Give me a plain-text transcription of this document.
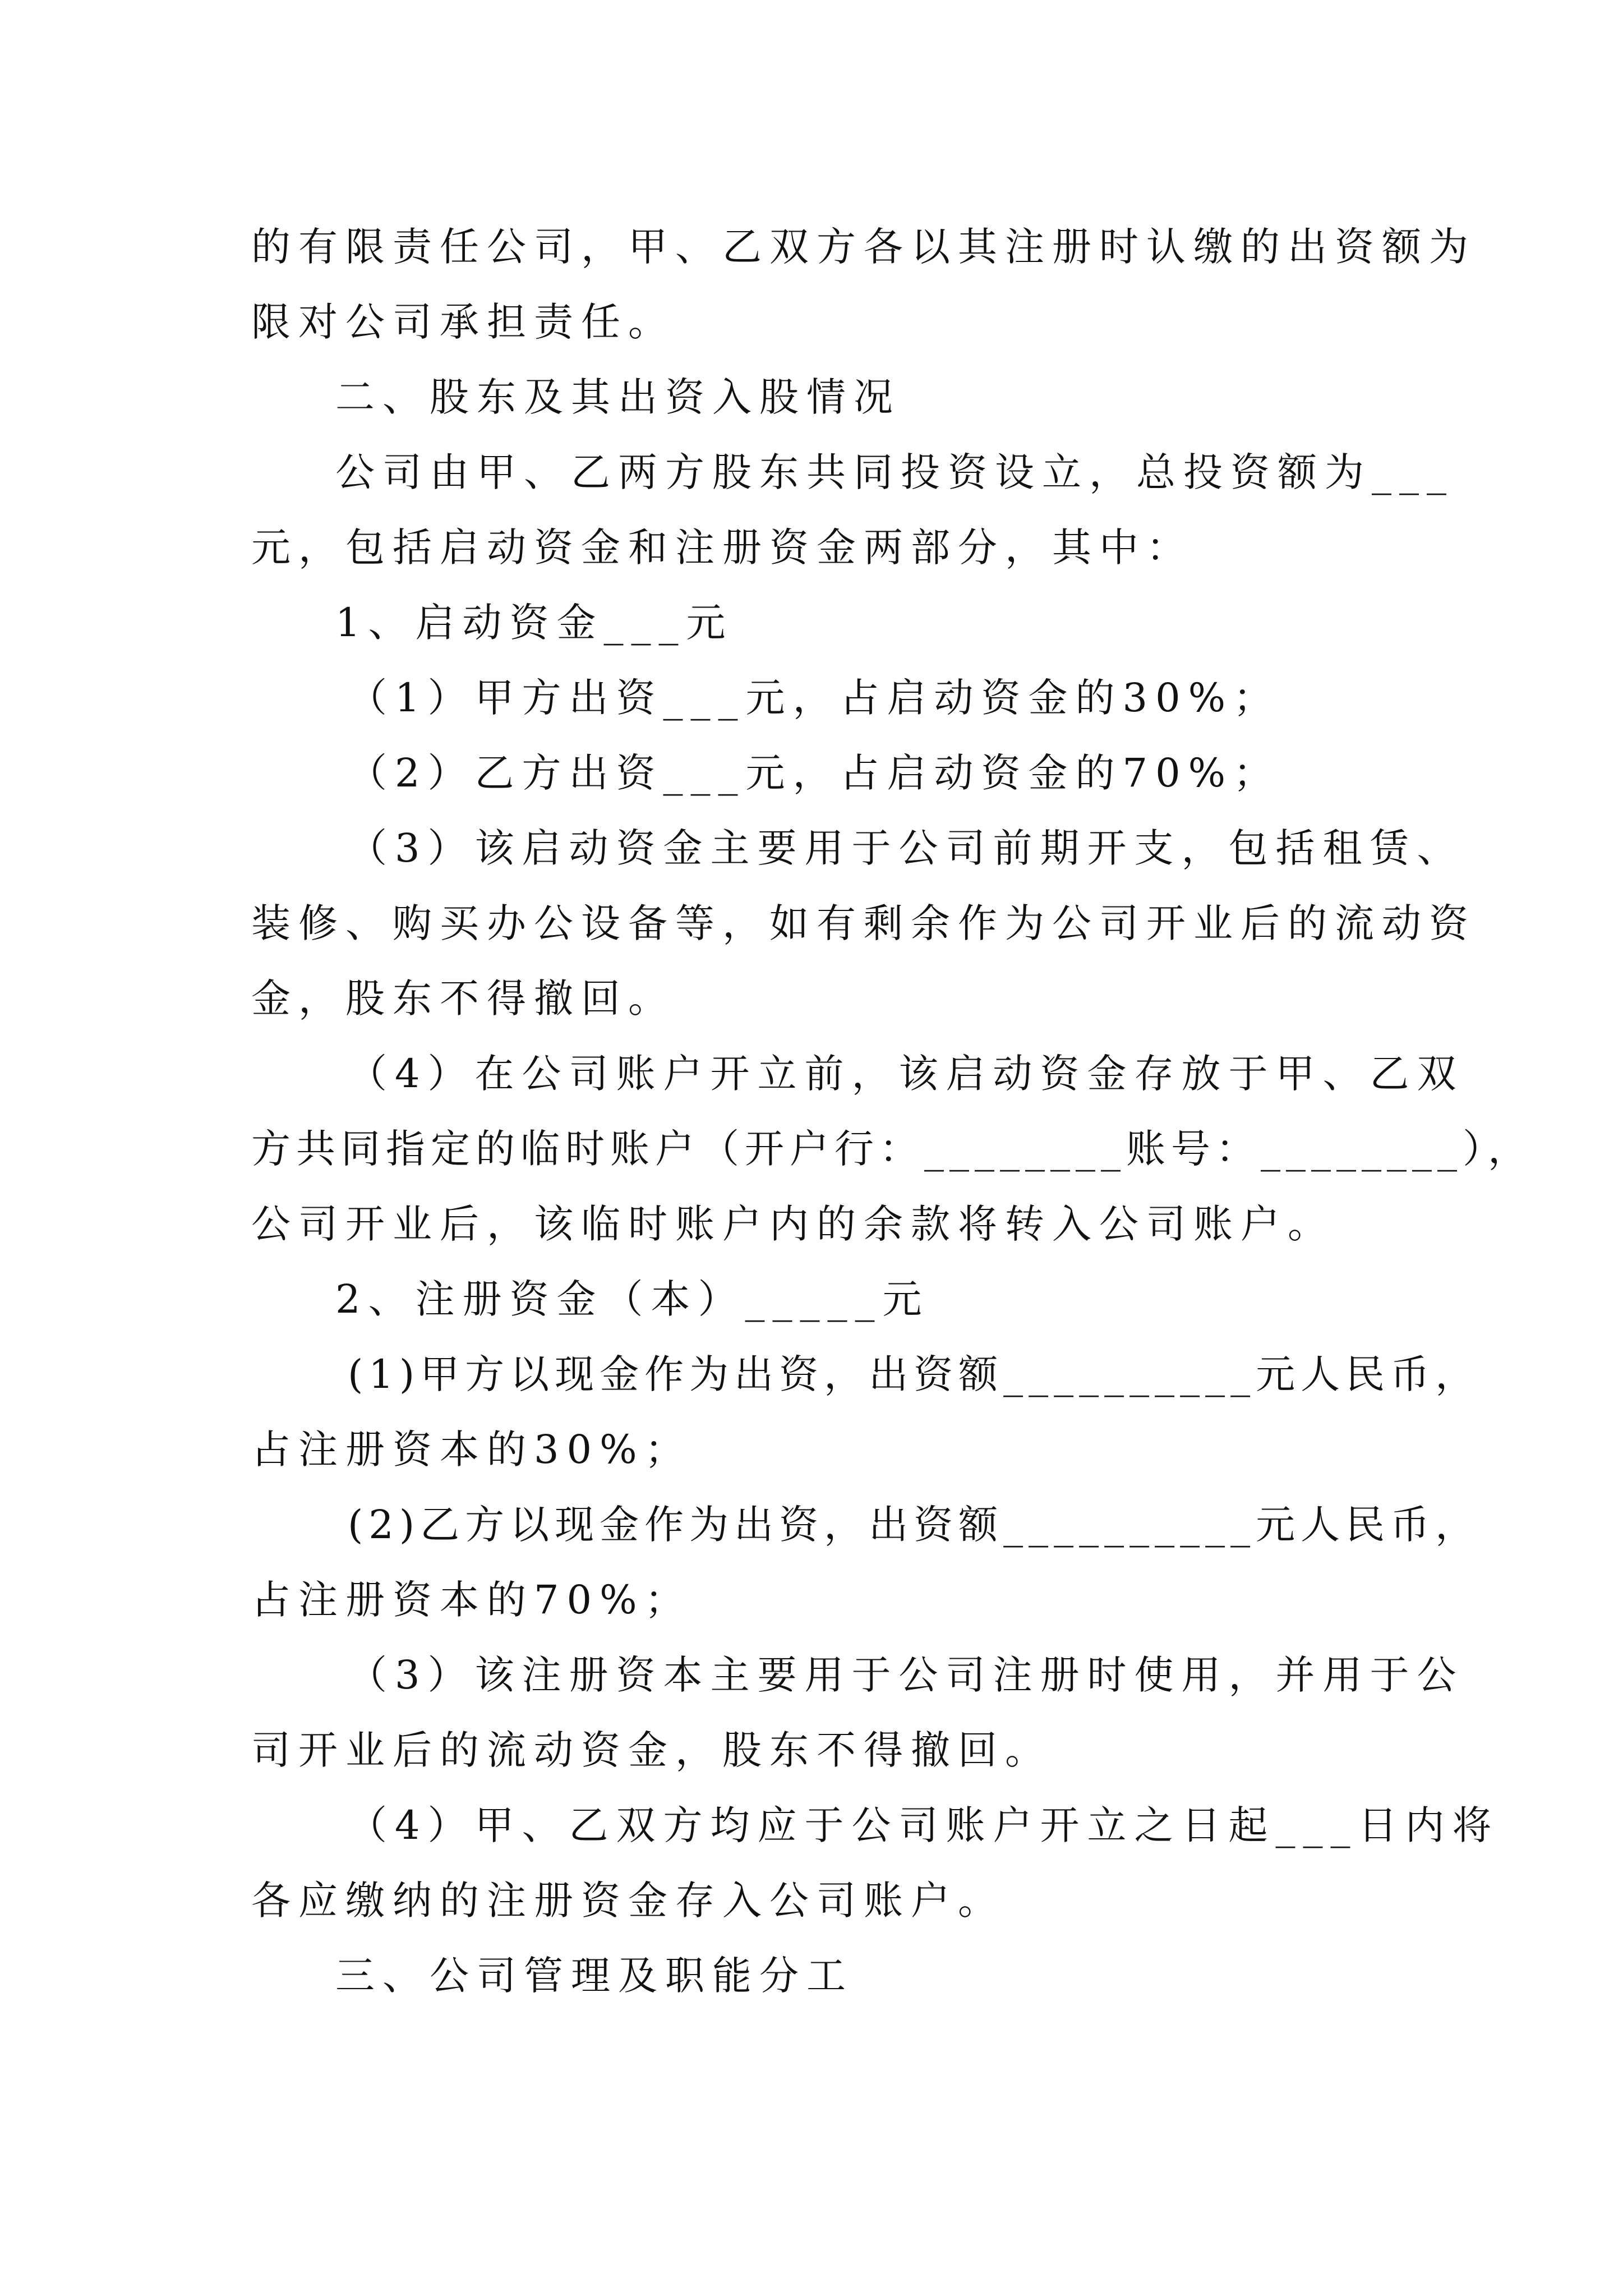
的有限责任公司，甲、乙双方各以其注册时认缴的出资额为
限对公司承担责任。
二、股东及其出资入股情况
公司由甲、乙两方股东共同投资设立，总投资额为___
元，包括启动资金和注册资金两部分，其中：
1、启动资金___元
（1）甲方出资___元，占启动资金的30%；
（2）乙方出资___元，占启动资金的70%；
（3）该启动资金主要用于公司前期开支，包括租赁、
装修、购买办公设备等，如有剩余作为公司开业后的流动资
金，股东不得撤回。
（4）在公司账户开立前，该启动资金存放于甲、乙双
方共同指定的临时账户（开户行：________账号：________），
公司开业后，该临时账户内的余款将转入公司账户。
2、注册资金（本）_____元
(1)甲方以现金作为出资，出资额__________元人民币，
占注册资本的30%；
(2)乙方以现金作为出资，出资额__________元人民币，
占注册资本的70%；
（3）该注册资本主要用于公司注册时使用，并用于公
司开业后的流动资金，股东不得撤回。
（4）甲、乙双方均应于公司账户开立之日起___日内将
各应缴纳的注册资金存入公司账户。
三、公司管理及职能分工
